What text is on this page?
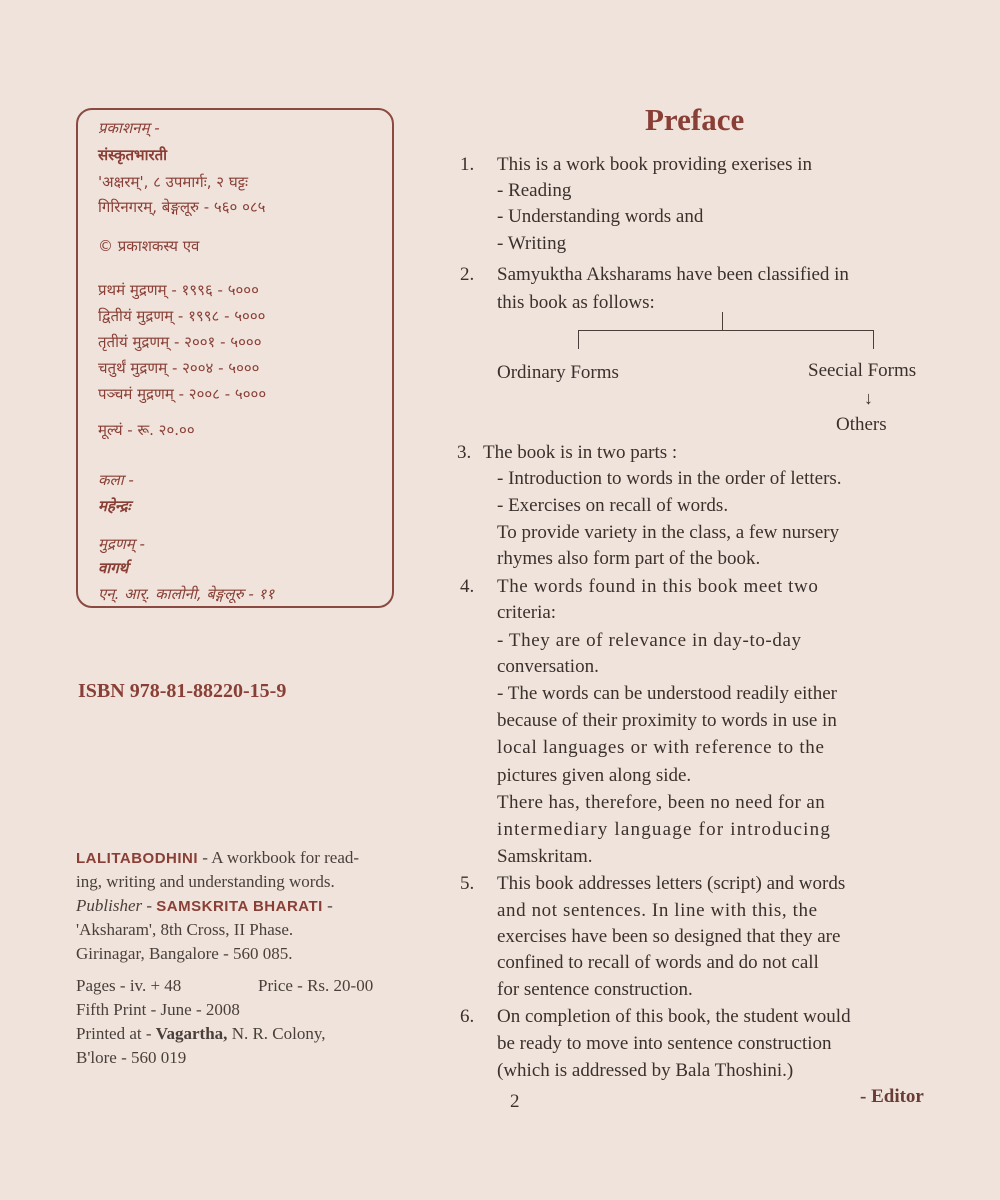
प्रकाशनम् -

संस्कृतभारती

'अक्षरम्', ८ उपमार्गः, २ घट्टः

गिरिनगरम्, बेङ्गलूरु - ५६० ०८५

© प्रकाशकस्य एव

प्रथमं मुद्रणम् - १९९६ - ५०००

द्वितीयं मुद्रणम् - १९९८ - ५०००

तृतीयं मुद्रणम् - २००१ - ५०००

चतुर्थं मुद्रणम् - २००४ - ५०००

पञ्चमं मुद्रणम् - २००८ - ५०००

मूल्यं - रू. २०.००

कला -

महेन्द्रः

मुद्रणम् -

वागर्थ

एन्. आर्. कालोनी, बेङ्गलूरु - ११

ISBN 978-81-88220-15-9

LALITABODHINI - A workbook for read-

ing, writing and understanding words.

Publisher - SAMSKRITA BHARATI -

'Aksharam', 8th Cross, II Phase.

Girinagar, Bangalore - 560 085.

Pages - iv. + 48	Price - Rs. 20-00

Fifth Print - June - 2008

Printed at - Vagartha, N. R. Colony,

B'lore - 560 019

Preface

1. This is a work book providing exerises in

- Reading

- Understanding words and

- Writing

2. Samyuktha Aksharams have been classified in

this book as follows:

Ordinary Forms	Seecial Forms

↓

Others

3. The book is in two parts :

- Introduction to words in the order of letters.

- Exercises on recall of words.

To provide variety in the class, a few nursery

rhymes also form part of the book.

4. The words found in this book meet two

criteria:

- They are of relevance in day-to-day

conversation.

- The words can be understood readily either

because of their proximity to words in use in

local languages or with reference to the

pictures given along side.

There has, therefore, been no need for an

intermediary language for introducing

Samskritam.

5. This book addresses letters (script) and words

and not sentences. In line with this, the

exercises have been so designed that they are

confined to recall of words and do not call

for sentence construction.

6. On completion of this book, the student would

be ready to move into sentence construction

(which is addressed by Bala Thoshini.)

2	- Editor
